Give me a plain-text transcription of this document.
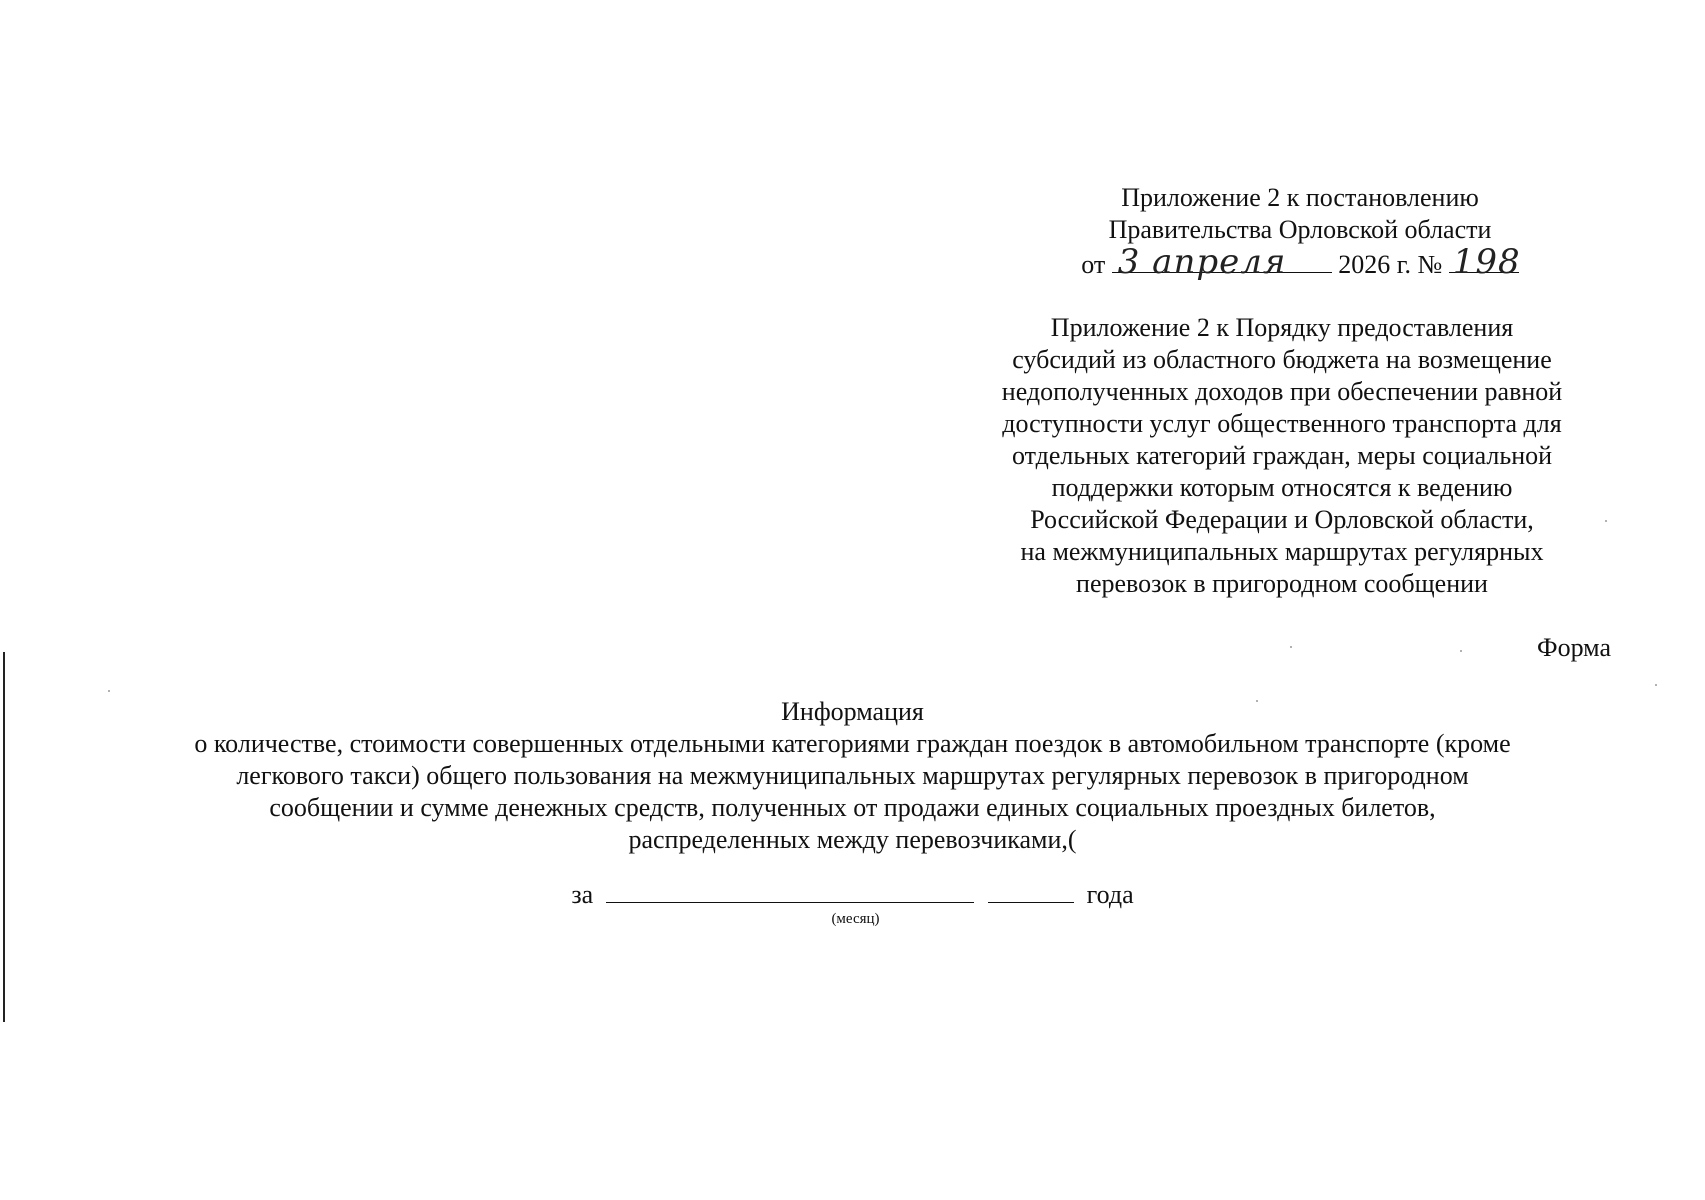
Приложение 2 к постановлению
Правительства Орловской области
от 3 апреля 2026 г. № 198
Приложение 2 к Порядку предоставления
субсидий из областного бюджета на возмещение
недополученных доходов при обеспечении равной
доступности услуг общественного транспорта для
отдельных категорий граждан, меры социальной
поддержки которым относятся к ведению
Российской Федерации и Орловской области,
на межмуниципальных маршрутах регулярных
перевозок в пригородном сообщении
Форма
Информация
о количестве, стоимости совершенных отдельными категориями граждан поездок в автомобильном транспорте (кроме
легкового такси) общего пользования на межмуниципальных маршрутах регулярных перевозок в пригородном
сообщении и сумме денежных средств, полученных от продажи единых социальных проездных билетов,
распределенных между перевозчиками,(
за	года
(месяц)
